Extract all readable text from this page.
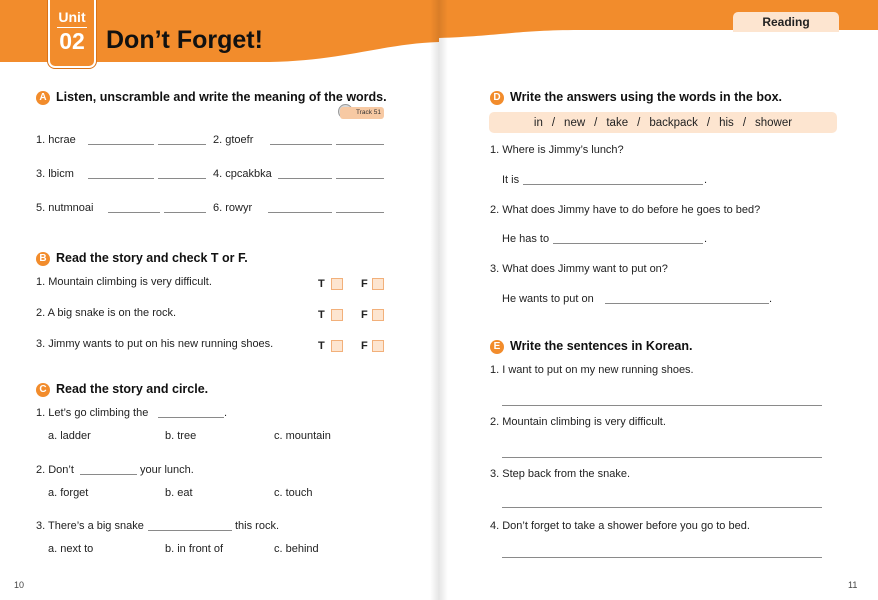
Unit
02 Don’t Forget!
A Listen, unscramble and write the meaning of the words.
Track 51
1. hcrae	2. gtoefr
3. lbicm	4. cpcakbka
5. nutmnoai	6. rowyr
B Read the story and check T or F.
1. Mountain climbing is very difficult.	T	F
2. A big snake is on the rock.	T	F
3. Jimmy wants to put on his new running shoes.	T	F
C Read the story and circle.
1. Let’s go climbing the	.
a. ladder	b. tree	c. mountain
2. Don’t	your lunch.
a. forget	b. eat	c. touch
3. There’s a big snake	this rock.
a. next to	b. in front of	c. behind
10
Reading
D Write the answers using the words in the box.
in / new / take / backpack / his / shower
1. Where is Jimmy’s lunch?
It is	.
2. What does Jimmy have to do before he goes to bed?
He has to	.
3. What does Jimmy want to put on?
He wants to put on	.
E Write the sentences in Korean.
1. I want to put on my new running shoes.
2. Mountain climbing is very difficult.
3. Step back from the snake.
4. Don’t forget to take a shower before you go to bed.
11
